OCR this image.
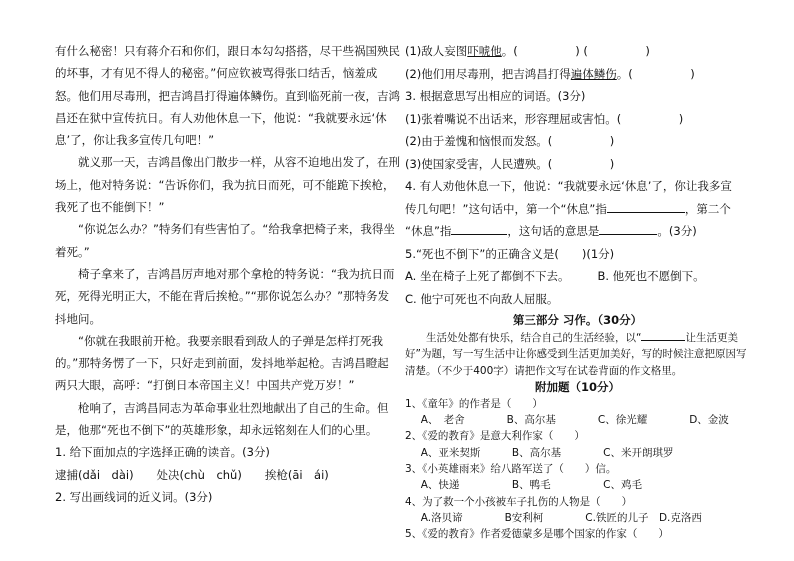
有什么秘密！只有蒋介石和你们，跟日本勾勾搭搭，尽干些祸国殃民的坏事，才有见不得人的秘密。”何应钦被骂得张口结舌，恼羞成怒。他们用尽毒刑，把吉鸿昌打得遍体鳞伤。直到临死前一夜，吉鸿昌还在狱中宣传抗日。有人劝他休息一下，他说：“我就要永远‘休息’了，你让我多宣传几句吧！”

就义那一天，吉鸿昌像出门散步一样，从容不迫地出发了，在刑场上，他对特务说：“告诉你们，我为抗日而死，可不能跪下挨枪，我死了也不能倒下！”

“你说怎么办？”特务们有些害怕了。“给我拿把椅子来，我得坐着死。”

椅子拿来了，吉鸿昌厉声地对那个拿枪的特务说：“我为抗日而死，死得光明正大，不能在背后挨枪。”“那你说怎么办？”那特务发抖地问。

“你就在我眼前开枪。我要亲眼看到敌人的子弹是怎样打死我的。”那特务愣了一下，只好走到前面，发抖地举起枪。吉鸿昌瞪起两只大眼，高呼：“打倒日本帝国主义！中国共产党万岁！”

枪响了，吉鸿昌同志为革命事业壮烈地献出了自己的生命。但是，他那“死也不倒下”的英雄形象，却永远铭刻在人们的心里。

1. 给下面加点的字选择正确的读音。(3分)

逮捕(dǎi　dài)　　处决(chù　chǔ)　　挨枪(āi　ái)

2. 写出画线词的近义词。(3分)

(1)敌人妄图吓唬他。(　　　　　) (　　　　　)

(2)他们用尽毒刑，把吉鸿昌打得遍体鳞伤。(　　　　　)

3. 根据意思写出相应的词语。(3分)

(1)张着嘴说不出话来，形容理屈或害怕。(　　　　　)

(2)由于羞愧和恼恨而发怒。(　　　　　)

(3)使国家受害，人民遭殃。(　　　　　)

4. 有人劝他休息一下，他说：“我就要永远‘休息’了，你让我多宣

传几句吧！”这句话中，第一个“休息”指	，第二个

“休息”指	，这句话的意思是	。(3分)

5.“死也不倒下”的正确含义是(　　)(1分)

A. 坐在椅子上死了都倒不下去。 B. 他死也不愿倒下。

C. 他宁可死也不向敌人屈服。

第三部分 习作。（30分）

生活处处都有快乐，结合自己的生活经验，以“	让生活更美

好”为题，写一写生活中让你感受到生活更加美好，写的时候注意把原因写

清楚。（不少于400字）请把作文写在试卷背面的作文格里。

附加题（10分）

1、《童年》的作者是（　　）

A、　老舍　　　　B、高尔基　　　　C、徐光耀　　　　D、金波

2、《爱的教育》是意大利作家（　　）

A、亚米契斯　　　B、高尔基　　　　C、米开朗琪罗

3、《小英雄雨来》给八路军送了（　　）信。

A、快递　　　　　B、鸭毛　　　　　C、鸡毛

4、为了救一个小孩被车子扎伤的人物是（　　）

A.洛贝谛　　　　B安利柯　　　　C.铁匠的儿子　D.克洛西

5、《爱的教育》作者爱德蒙多是哪个国家的作家（　　）
